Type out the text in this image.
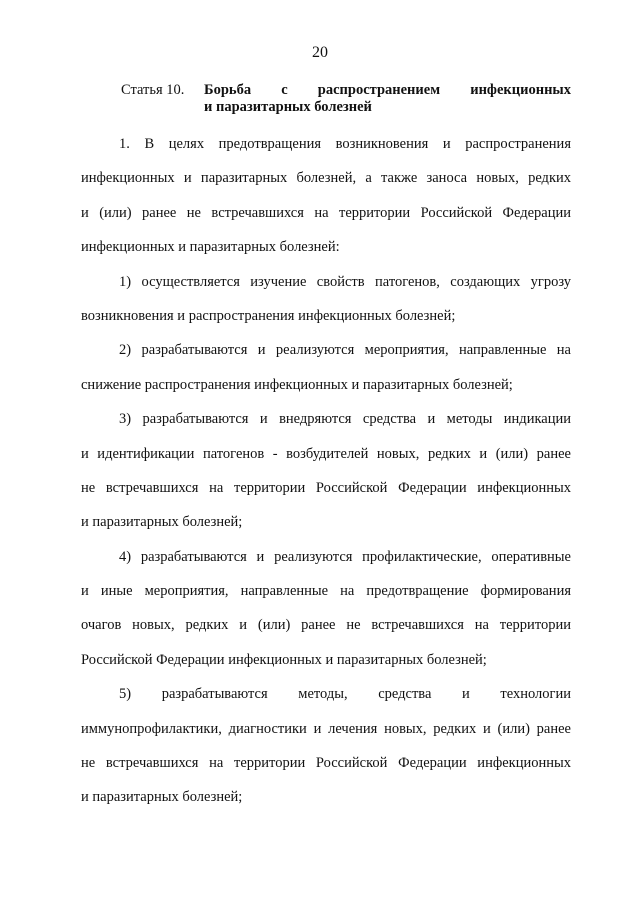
20
Статья 10. Борьба с распространением инфекционных
и паразитарных болезней
1. В целях предотвращения возникновения и распространения
инфекционных и паразитарных болезней, а также заноса новых, редких
и (или) ранее не встречавшихся на территории Российской Федерации
инфекционных и паразитарных болезней:
1) осуществляется изучение свойств патогенов, создающих угрозу
возникновения и распространения инфекционных болезней;
2) разрабатываются и реализуются мероприятия, направленные на
снижение распространения инфекционных и паразитарных болезней;
3) разрабатываются и внедряются средства и методы индикации
и идентификации патогенов - возбудителей новых, редких и (или) ранее
не встречавшихся на территории Российской Федерации инфекционных
и паразитарных болезней;
4) разрабатываются и реализуются профилактические, оперативные
и иные мероприятия, направленные на предотвращение формирования
очагов новых, редких и (или) ранее не встречавшихся на территории
Российской Федерации инфекционных и паразитарных болезней;
5) разрабатываются методы, средства и технологии
иммунопрофилактики, диагностики и лечения новых, редких и (или) ранее
не встречавшихся на территории Российской Федерации инфекционных
и паразитарных болезней;
